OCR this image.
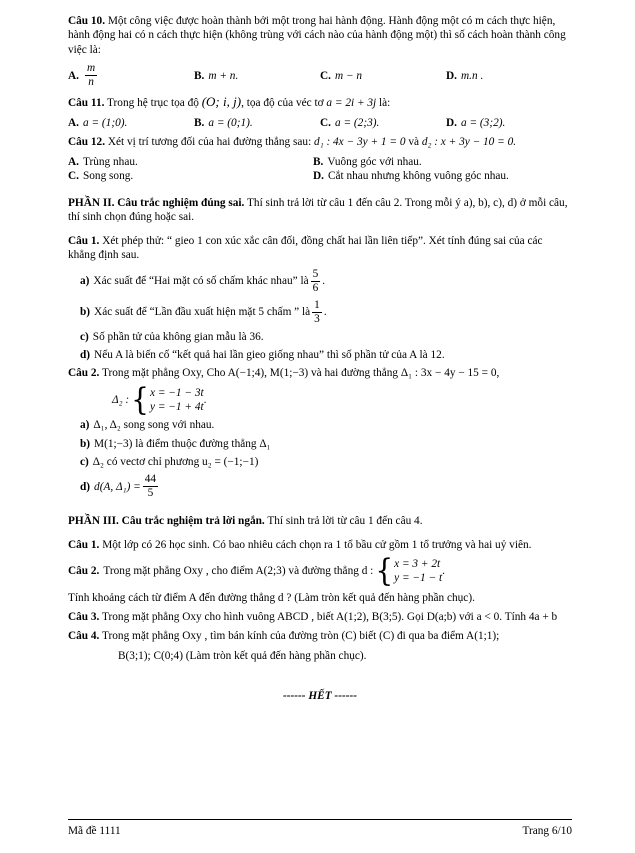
Câu 10. Một công việc được hoàn thành bởi một trong hai hành động. Hành động một có m cách thực hiện, hành động hai có n cách thực hiện (không trùng với cách nào của hành động một) thì số cách hoàn thành công việc là:
A. $\frac{m}{n}$	B. m + n.	C. m − n	D. m.n .
Câu 11. Trong hệ trục tọa độ (O; i, j), tọa độ của véc tơ a = 2i + 3j là:
A. a = (1;0).	B. a = (0;1).	C. a = (2;3).	D. a = (3;2).
Câu 12. Xét vị trí tương đối của hai đường thẳng sau: d₁ : 4x − 3y + 1 = 0 và d₂ : x + 3y − 10 = 0.
A. Trùng nhau.	B. Vuông góc với nhau.
C. Song song.	D. Cắt nhau nhưng không vuông góc nhau.
PHẦN II. Câu trắc nghiệm đúng sai. Thí sinh trả lời từ câu 1 đến câu 2. Trong mỗi ý a), b), c), d) ở mỗi câu, thí sinh chọn đúng hoặc sai.
Câu 1. Xét phép thử: “ gieo 1 con xúc xắc cân đối, đồng chất hai lần liên tiếp”. Xét tính đúng sai của các khẳng định sau.
a) Xác suất để “Hai mặt có số chấm khác nhau” là $\frac{5}{6}$ .
b) Xác suất để “Lần đầu xuất hiện mặt 5 chấm ” là $\frac{1}{3}$ .
c) Số phần tử của không gian mẫu là 36.
d) Nếu A là biến cố “kết quả hai lần gieo giống nhau” thì số phần tử của A là 12.
Câu 2. Trong mặt phẳng Oxy, Cho A(−1;4), M(1;−3) và hai đường thẳng Δ₁ : 3x − 4y − 15 = 0,
Δ₂ : { x = −1 − 3t
y = −1 + 4t
.
a) Δ₁, Δ₂ song song với nhau.
b) M(1;−3) là điểm thuộc đường thẳng Δ₁
c) Δ₂ có vectơ chỉ phương u₂ = (−1;−1)
d) d(A, $\Delta_1) = \frac{44}{5}$
PHẦN III. Câu trắc nghiệm trả lời ngắn. Thí sinh trả lời từ câu 1 đến câu 4.
Câu 1. Một lớp có 26 học sinh. Có bao nhiêu cách chọn ra 1 tổ bầu cử gồm 1 tổ trưởng và hai uỷ viên.
Câu 2. Trong mặt phẳng Oxy , cho điểm A(2;3) và đường thẳng d : { x = 3 + 2t
y = −1 − t
.
Tính khoảng cách từ điểm A đến đường thẳng d ? (Làm tròn kết quả đến hàng phần chục).
Câu 3. Trong mặt phẳng Oxy cho hình vuông ABCD , biết A(1;2), B(3;5). Gọi D(a;b) với a < 0. Tính 4a + b
Câu 4. Trong mặt phẳng Oxy , tìm bán kính của đường tròn (C) biết (C) đi qua ba điểm A(1;1);
B(3;1); C(0;4) (Làm tròn kết quả đến hàng phần chục).
------ HẾT ------
Mã đề 1111	Trang 6/10
